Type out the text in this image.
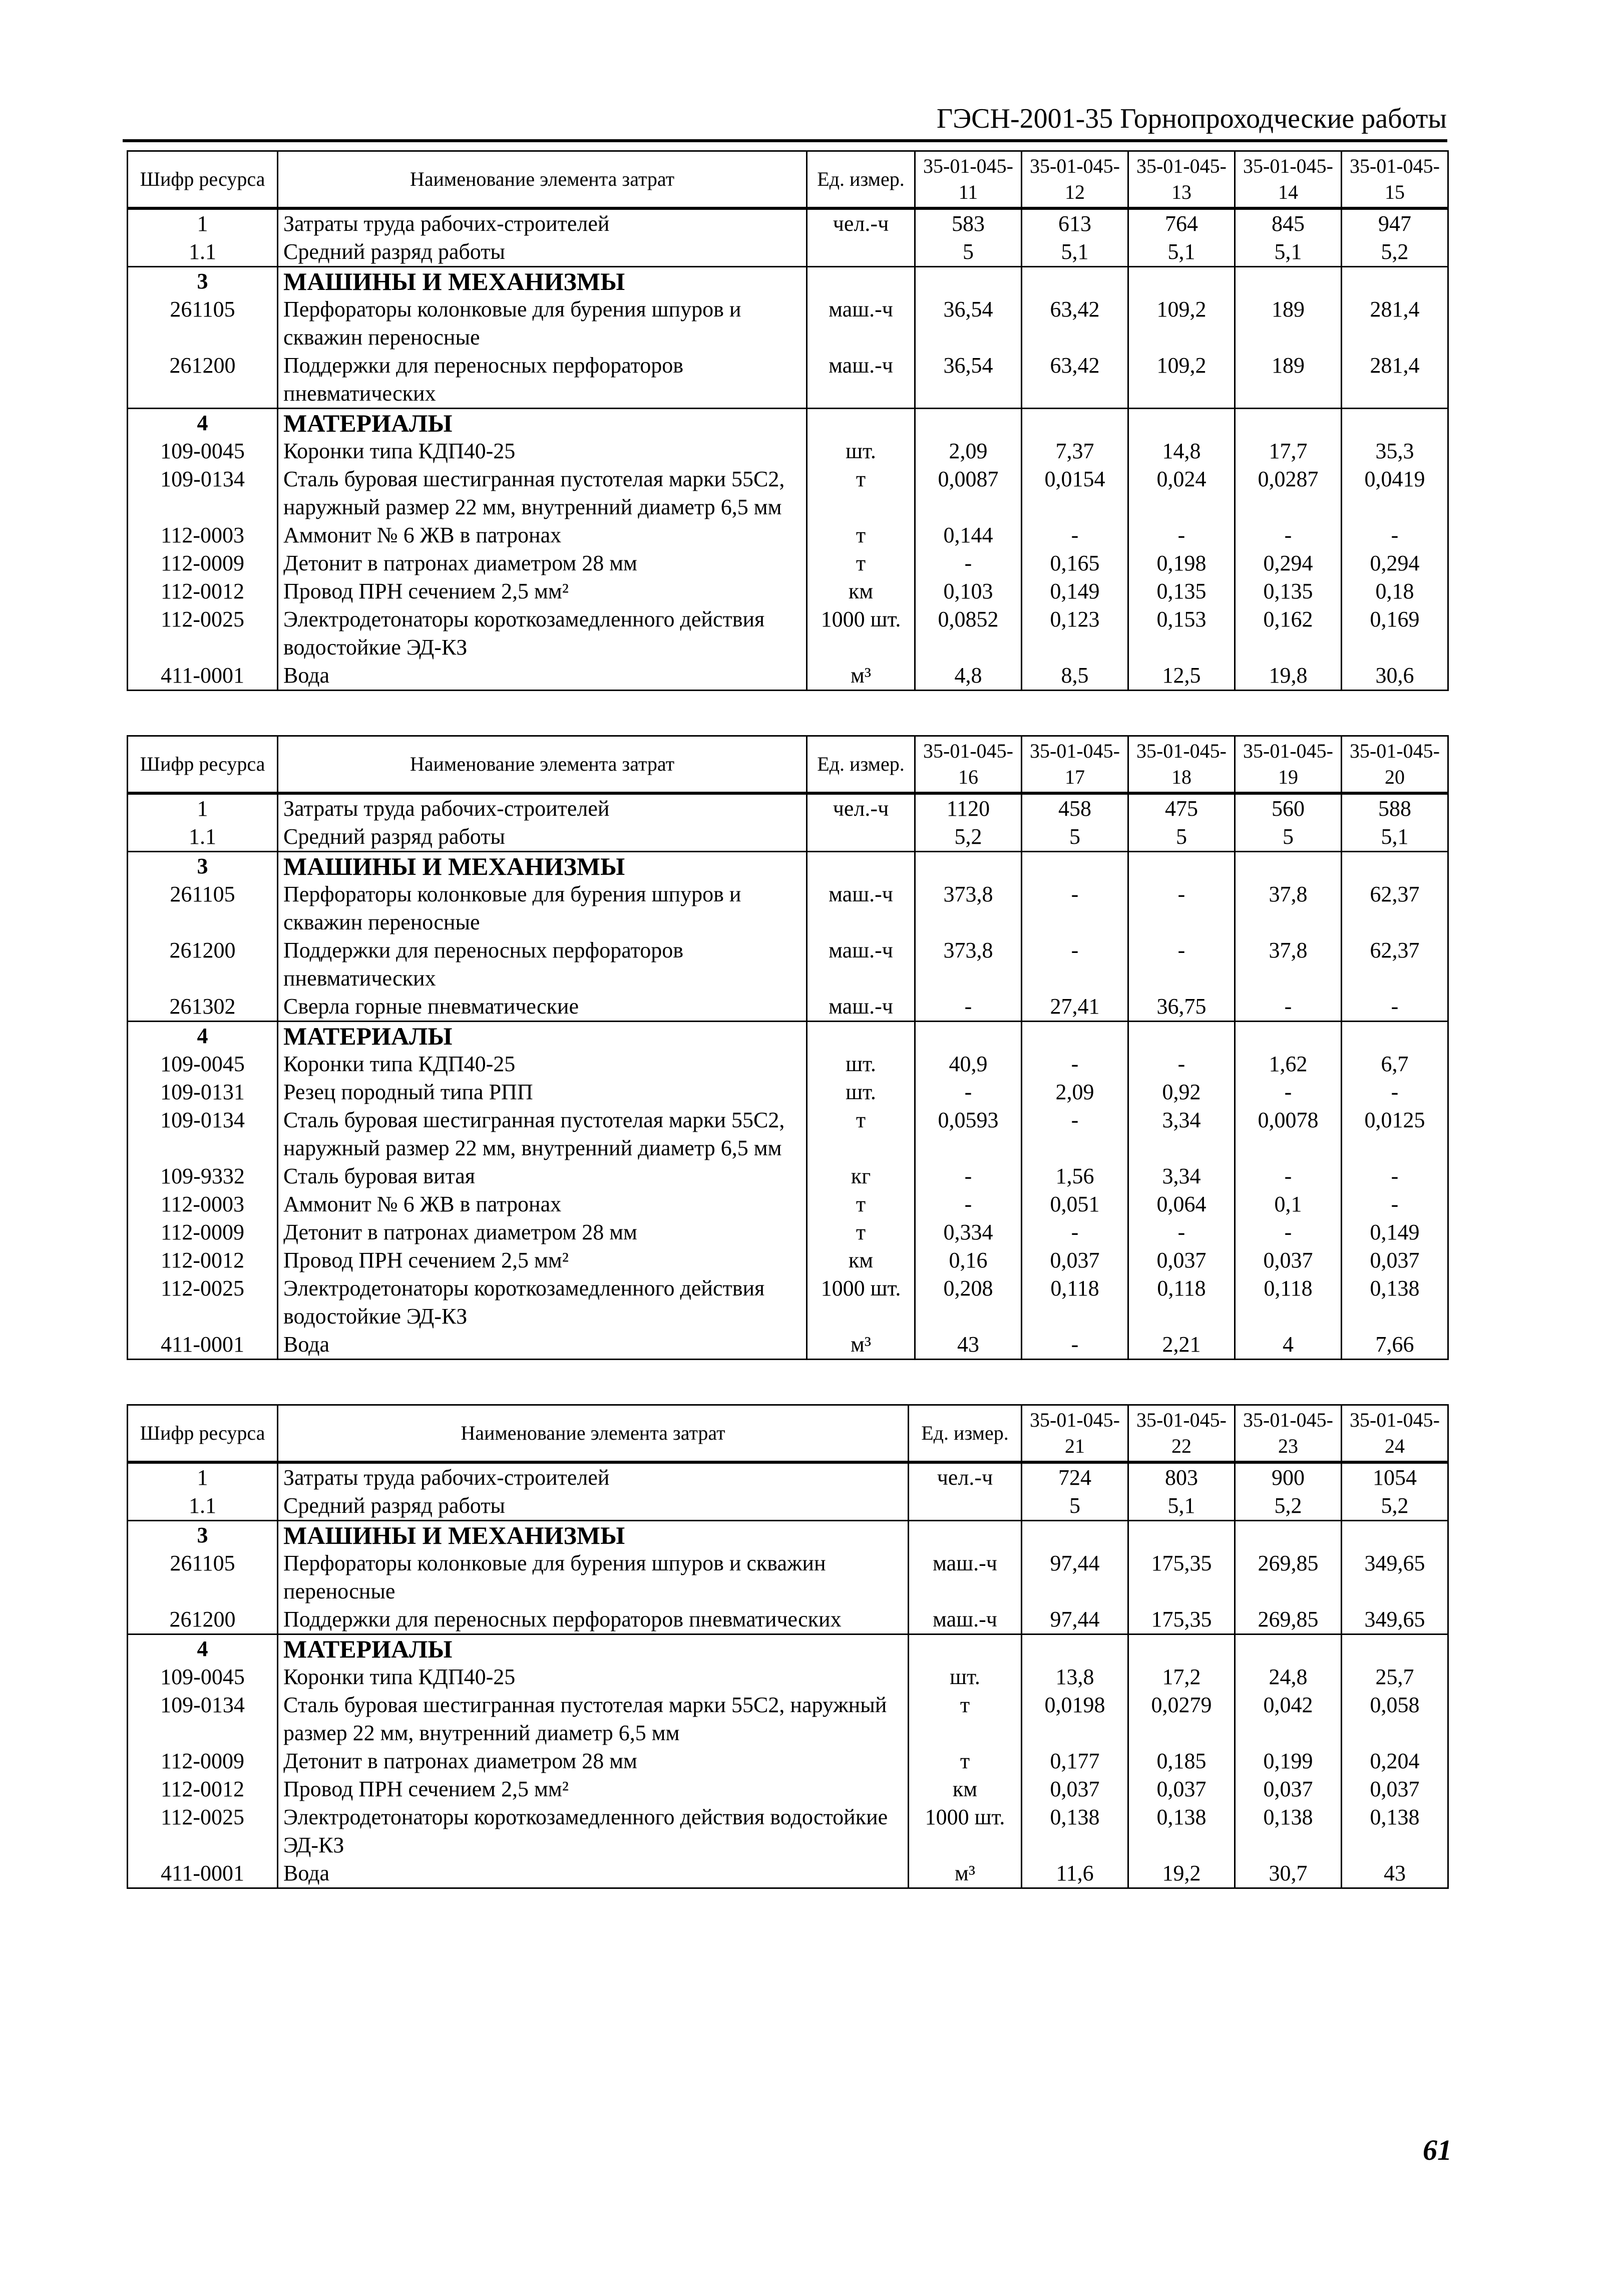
ГЭСН-2001-35 Горнопроходческие работы
Шифр ресурса	Наименование элемента затрат	Ед. измер.	35-01-045-11	35-01-045-12	35-01-045-13	35-01-045-14	35-01-045-15
1	Затраты труда рабочих-строителей	чел.-ч	583	613	764	845	947
1.1	Средний разряд работы		5	5,1	5,1	5,1	5,2
3	МАШИНЫ И МЕХАНИЗМЫ						
261105	Перфораторы колонковые для бурения шпуров и скважин переносные	маш.-ч	36,54	63,42	109,2	189	281,4
261200	Поддержки для переносных перфораторов пневматических	маш.-ч	36,54	63,42	109,2	189	281,4
4	МАТЕРИАЛЫ						
109-0045	Коронки типа КДП40-25	шт.	2,09	7,37	14,8	17,7	35,3
109-0134	Сталь буровая шестигранная пустотелая марки 55С2, наружный размер 22 мм, внутренний диаметр 6,5 мм	т	0,0087	0,0154	0,024	0,0287	0,0419
112-0003	Аммонит № 6 ЖВ в патронах	т	0,144	-	-	-	-
112-0009	Детонит в патронах диаметром 28 мм	т	-	0,165	0,198	0,294	0,294
112-0012	Провод ПРН сечением 2,5 мм²	км	0,103	0,149	0,135	0,135	0,18
112-0025	Электродетонаторы короткозамедленного действия водостойкие ЭД-КЗ	1000 шт.	0,0852	0,123	0,153	0,162	0,169
411-0001	Вода	м³	4,8	8,5	12,5	19,8	30,6
Шифр ресурса	Наименование элемента затрат	Ед. измер.	35-01-045-16	35-01-045-17	35-01-045-18	35-01-045-19	35-01-045-20
1	Затраты труда рабочих-строителей	чел.-ч	1120	458	475	560	588
1.1	Средний разряд работы		5,2	5	5	5	5,1
3	МАШИНЫ И МЕХАНИЗМЫ						
261105	Перфораторы колонковые для бурения шпуров и скважин переносные	маш.-ч	373,8	-	-	37,8	62,37
261200	Поддержки для переносных перфораторов пневматических	маш.-ч	373,8	-	-	37,8	62,37
261302	Сверла горные пневматические	маш.-ч	-	27,41	36,75	-	-
4	МАТЕРИАЛЫ						
109-0045	Коронки типа КДП40-25	шт.	40,9	-	-	1,62	6,7
109-0131	Резец породный типа РПП	шт.	-	2,09	0,92	-	-
109-0134	Сталь буровая шестигранная пустотелая марки 55С2, наружный размер 22 мм, внутренний диаметр 6,5 мм	т	0,0593	-	3,34	0,0078	0,0125
109-9332	Сталь буровая витая	кг	-	1,56	3,34	-	-
112-0003	Аммонит № 6 ЖВ в патронах	т	-	0,051	0,064	0,1	-
112-0009	Детонит в патронах диаметром 28 мм	т	0,334	-	-	-	0,149
112-0012	Провод ПРН сечением 2,5 мм²	км	0,16	0,037	0,037	0,037	0,037
112-0025	Электродетонаторы короткозамедленного действия водостойкие ЭД-КЗ	1000 шт.	0,208	0,118	0,118	0,118	0,138
411-0001	Вода	м³	43	-	2,21	4	7,66
Шифр ресурса	Наименование элемента затрат	Ед. измер.	35-01-045-21	35-01-045-22	35-01-045-23	35-01-045-24
1	Затраты труда рабочих-строителей	чел.-ч	724	803	900	1054
1.1	Средний разряд работы		5	5,1	5,2	5,2
3	МАШИНЫ И МЕХАНИЗМЫ					
261105	Перфораторы колонковые для бурения шпуров и скважин переносные	маш.-ч	97,44	175,35	269,85	349,65
261200	Поддержки для переносных перфораторов пневматических	маш.-ч	97,44	175,35	269,85	349,65
4	МАТЕРИАЛЫ					
109-0045	Коронки типа КДП40-25	шт.	13,8	17,2	24,8	25,7
109-0134	Сталь буровая шестигранная пустотелая марки 55С2, наружный размер 22 мм, внутренний диаметр 6,5 мм	т	0,0198	0,0279	0,042	0,058
112-0009	Детонит в патронах диаметром 28 мм	т	0,177	0,185	0,199	0,204
112-0012	Провод ПРН сечением 2,5 мм²	км	0,037	0,037	0,037	0,037
112-0025	Электродетонаторы короткозамедленного действия водостойкие ЭД-КЗ	1000 шт.	0,138	0,138	0,138	0,138
411-0001	Вода	м³	11,6	19,2	30,7	43
61
